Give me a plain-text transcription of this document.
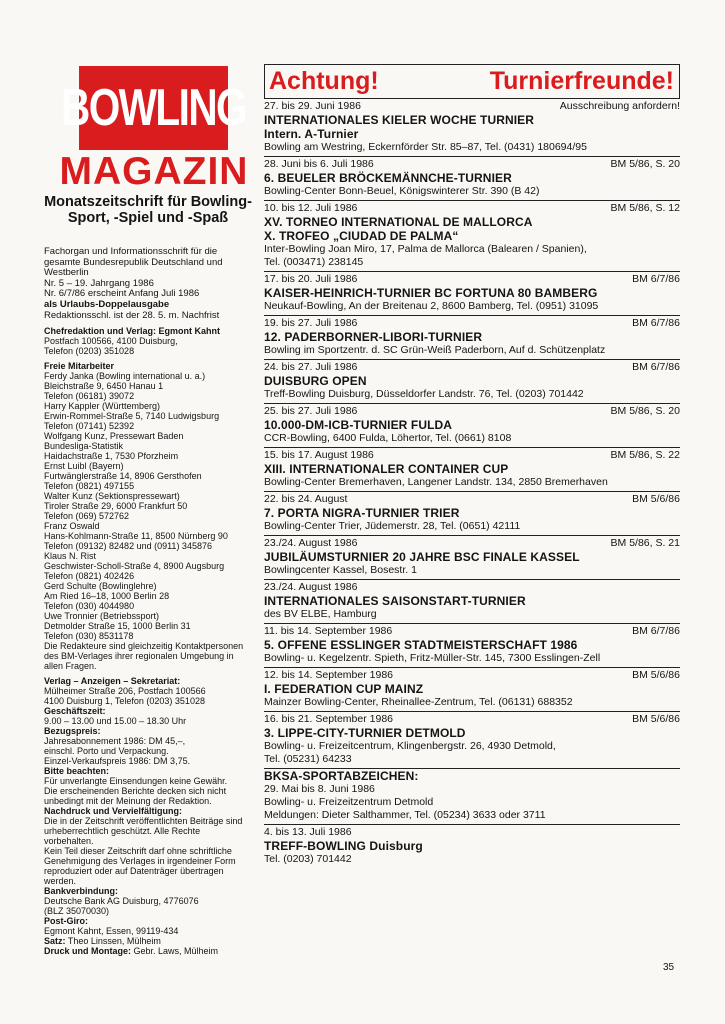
BOWLING
MAGAZIN
Monatszeitschrift für Bowling-Sport, -Spiel und -Spaß

Fachorgan und Informationsschrift für die gesamte Bundesrepublik Deutschland und Westberlin

Nr. 5 – 19. Jahrgang 1986

Nr. 6/7/86 erscheint Anfang Juli 1986

als Urlaubs-Doppelausgabe

Redaktionsschl. ist der 28. 5. m. Nachfrist

Chefredaktion und Verlag: Egmont Kahnt

Postfach 100566, 4100 Duisburg,

Telefon (0203) 351028

Freie Mitarbeiter

Ferdy Janka (Bowling international u. a.)

Bleichstraße 9, 6450 Hanau 1

Telefon (06181) 39072

Harry Kappler (Württemberg)

Erwin-Rommel-Straße 5, 7140 Ludwigsburg

Telefon (07141) 52392

Wolfgang Kunz, Pressewart Baden

Bundesliga-Statistik

Haidachstraße 1, 7530 Pforzheim

Ernst Luibl (Bayern)

Furtwänglerstraße 14, 8906 Gersthofen

Telefon (0821) 497155

Walter Kunz (Sektionspressewart)

Tiroler Straße 29, 6000 Frankfurt 50

Telefon (069) 572762

Franz Oswald

Hans-Kohlmann-Straße 11, 8500 Nürnberg 90

Telefon (09132) 82482 und (0911) 345876

Klaus N. Rist

Geschwister-Scholl-Straße 4, 8900 Augsburg

Telefon (0821) 402426

Gerd Schulte (Bowlinglehre)

Am Ried 16–18, 1000 Berlin 28

Telefon (030) 4044980

Uwe Tronnier (Betriebssport)

Detmolder Straße 15, 1000 Berlin 31

Telefon (030) 8531178

Die Redakteure sind gleichzeitig Kontaktpersonen des BM-Verlages ihrer regionalen Umgebung in allen Fragen.

Verlag – Anzeigen – Sekretariat:

Mülheimer Straße 206, Postfach 100566

4100 Duisburg 1, Telefon (0203) 351028

Geschäftszeit:

9.00 – 13.00 und 15.00 – 18.30 Uhr

Bezugspreis:

Jahresabonnement 1986: DM 45,–,

einschl. Porto und Verpackung.

Einzel-Verkaufspreis 1986: DM 3,75.

Bitte beachten:

Für unverlangte Einsendungen keine Gewähr.

Die erscheinenden Berichte decken sich nicht unbedingt mit der Meinung der Redaktion.

Nachdruck und Vervielfältigung:

Die in der Zeitschrift veröffentlichten Beiträge sind urheberrechtlich geschützt. Alle Rechte vorbehalten.

Kein Teil dieser Zeitschrift darf ohne schriftliche Genehmigung des Verlages in irgendeiner Form reproduziert oder auf Datenträger übertragen werden.

Bankverbindung:

Deutsche Bank AG Duisburg, 4776076

(BLZ 35070030)

Post-Giro:

Egmont Kahnt, Essen, 99119-434

Satz: Theo Linssen, Mülheim

Druck und Montage: Gebr. Laws, Mülheim

Achtung!	Turnierfreunde!
27. bis 29. Juni 1986	Ausschreibung anfordern!
INTERNATIONALES KIELER WOCHE TURNIER
Intern. A-Turnier
Bowling am Westring, Eckernförder Str. 85–87, Tel. (0431) 180694/95
28. Juni bis 6. Juli 1986	BM 5/86, S. 20
6. BEUELER BRÖCKEMÄNNCHE-TURNIER
Bowling-Center Bonn-Beuel, Königswinterer Str. 390 (B 42)
10. bis 12. Juli 1986	BM 5/86, S. 12
XV. TORNEO INTERNATIONAL DE MALLORCA
X. TROFEO „CIUDAD DE PALMA“
Inter-Bowling Joan Miro, 17, Palma de Mallorca (Balearen / Spanien),
Tel. (003471) 238145
17. bis 20. Juli 1986	BM 6/7/86
KAISER-HEINRICH-TURNIER BC FORTUNA 80 BAMBERG
Neukauf-Bowling, An der Breitenau 2, 8600 Bamberg, Tel. (0951) 31095
19. bis 27. Juli 1986	BM 6/7/86
12. PADERBORNER-LIBORI-TURNIER
Bowling im Sportzentr. d. SC Grün-Weiß Paderborn, Auf d. Schützenplatz
24. bis 27. Juli 1986	BM 6/7/86
DUISBURG OPEN
Treff-Bowling Duisburg, Düsseldorfer Landstr. 76, Tel. (0203) 701442
25. bis 27. Juli 1986	BM 5/86, S. 20
10.000-DM-ICB-TURNIER FULDA
CCR-Bowling, 6400 Fulda, Löhertor, Tel. (0661) 8108
15. bis 17. August 1986	BM 5/86, S. 22
XIII. INTERNATIONALER CONTAINER CUP
Bowling-Center Bremerhaven, Langener Landstr. 134, 2850 Bremerhaven
22. bis 24. August	BM 5/6/86
7. PORTA NIGRA-TURNIER TRIER
Bowling-Center Trier, Jüdemerstr. 28, Tel. (0651) 42111
23./24. August 1986	BM 5/86, S. 21
JUBILÄUMSTURNIER 20 JAHRE BSC FINALE KASSEL
Bowlingcenter Kassel, Bosestr. 1
23./24. August 1986
INTERNATIONALES SAISONSTART-TURNIER
des BV ELBE, Hamburg
11. bis 14. September 1986	BM 6/7/86
5. OFFENE ESSLINGER STADTMEISTERSCHAFT 1986
Bowling- u. Kegelzentr. Spieth, Fritz-Müller-Str. 145, 7300 Esslingen-Zell
12. bis 14. September 1986	BM 5/6/86
I. FEDERATION CUP MAINZ
Mainzer Bowling-Center, Rheinallee-Zentrum, Tel. (06131) 688352
16. bis 21. September 1986	BM 5/6/86
3. LIPPE-CITY-TURNIER DETMOLD
Bowling- u. Freizeitcentrum, Klingenbergstr. 26, 4930 Detmold,
Tel. (05231) 64233
BKSA-SPORTABZEICHEN:
29. Mai bis 8. Juni 1986
Bowling- u. Freizeitzentrum Detmold
Meldungen: Dieter Salthammer, Tel. (05234) 3633 oder 3711
4. bis 13. Juli 1986
TREFF-BOWLING Duisburg
Tel. (0203) 701442
35
